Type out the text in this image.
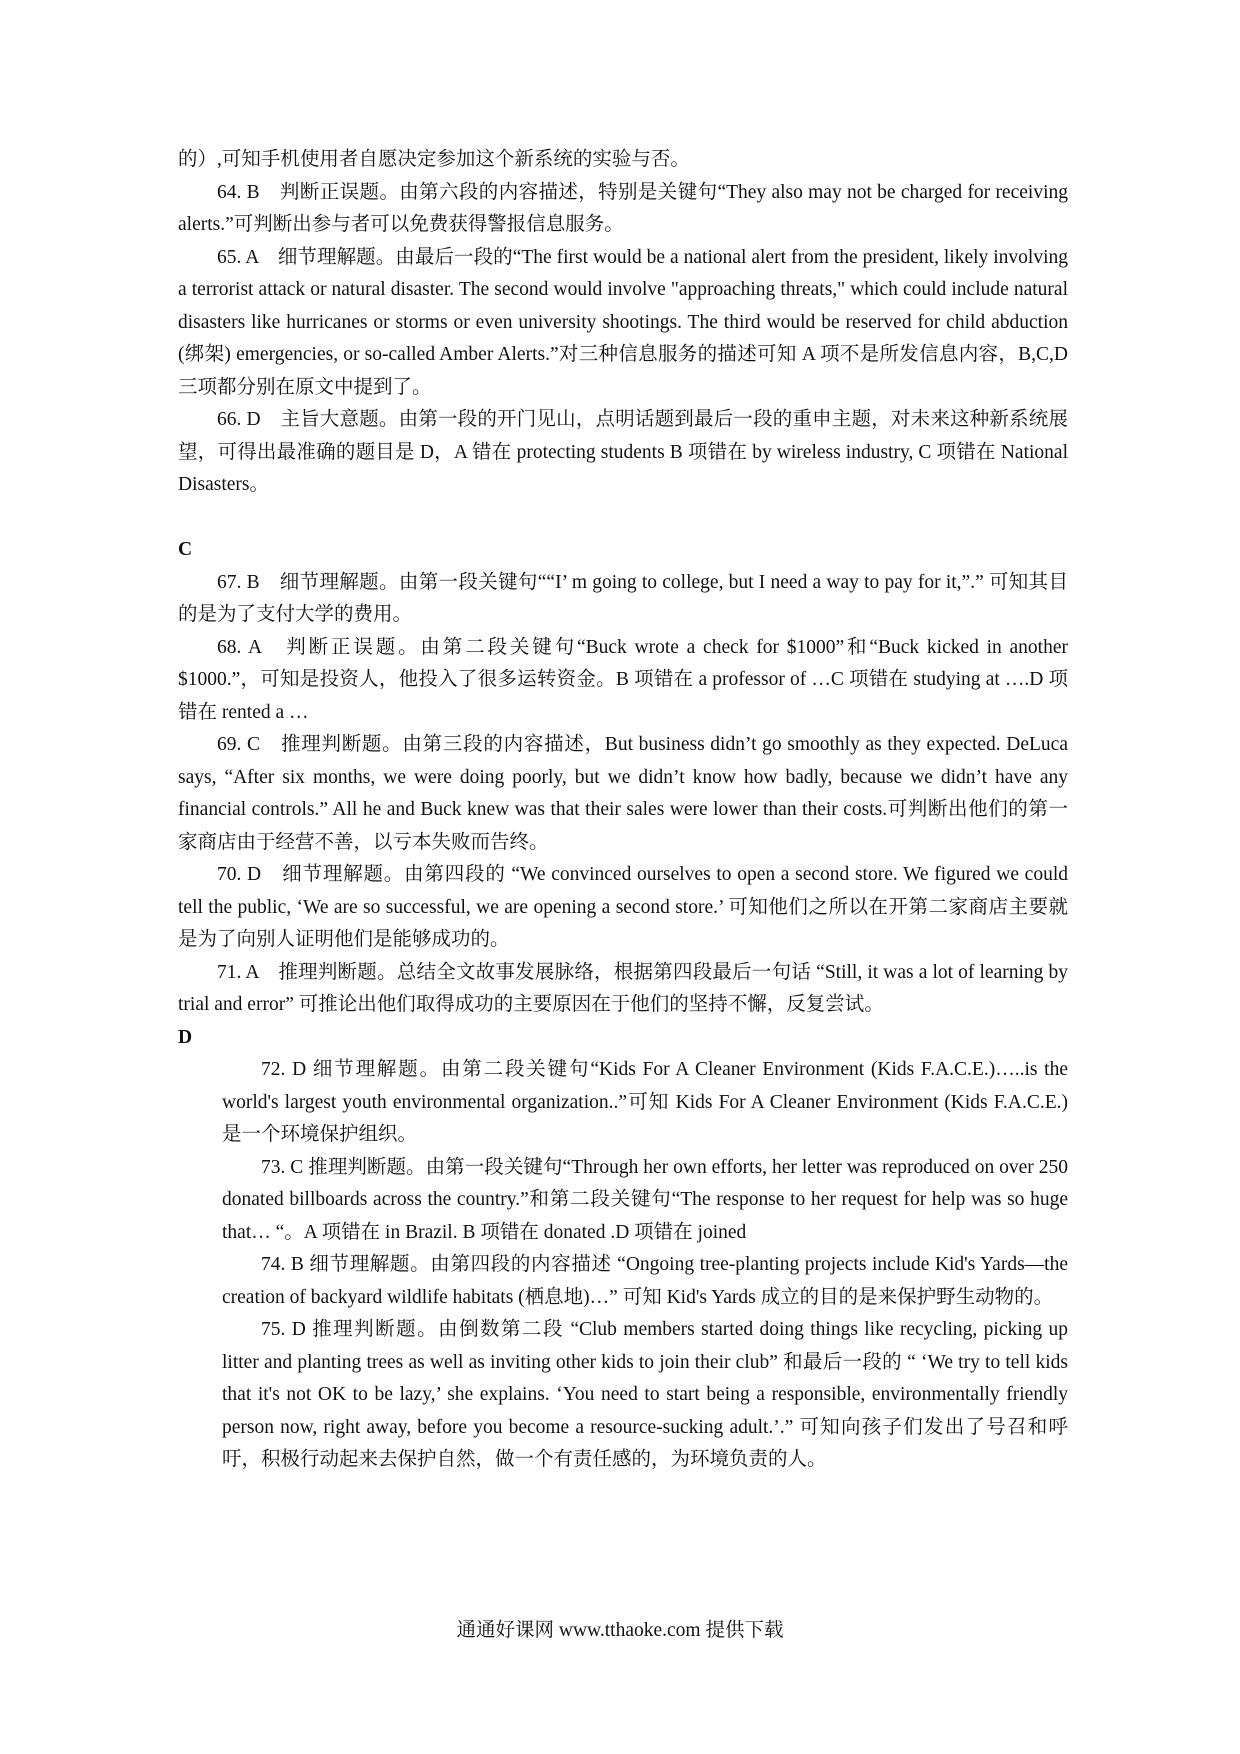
的）,可知手机使用者自愿决定参加这个新系统的实验与否。

64. B　判断正误题。由第六段的内容描述，特别是关键句“They also may not be charged for receiving alerts.”可判断出参与者可以免费获得警报信息服务。

65. A　细节理解题。由最后一段的“The first would be a national alert from the president, likely involving a terrorist attack or natural disaster. The second would involve "approaching threats," which could include natural disasters like hurricanes or storms or even university shootings. The third would be reserved for child abduction (绑架) emergencies, or so-called Amber Alerts.”对三种信息服务的描述可知 A 项不是所发信息内容，B,C,D 三项都分别在原文中提到了。

66. D　主旨大意题。由第一段的开门见山，点明话题到最后一段的重申主题，对未来这种新系统展望，可得出最准确的题目是 D，A 错在 protecting students B 项错在 by wireless industry, C 项错在 National Disasters。

C

67. B　细节理解题。由第一段关键句““I’ m going to college, but I need a way to pay for it,”.” 可知其目的是为了支付大学的费用。

68. A　判断正误题。由第二段关键句“Buck wrote a check for $1000”和“Buck kicked in another $1000.”，可知是投资人，他投入了很多运转资金。B 项错在 a professor of …C 项错在 studying at ….D 项错在 rented a …

69. C　推理判断题。由第三段的内容描述，But business didn’t go smoothly as they expected. DeLuca says, “After six months, we were doing poorly, but we didn’t know how badly, because we didn’t have any financial controls.” All he and Buck knew was that their sales were lower than their costs.可判断出他们的第一家商店由于经营不善，以亏本失败而告终。

70. D　细节理解题。由第四段的 “We convinced ourselves to open a second store. We figured we could tell the public, ‘We are so successful, we are opening a second store.’ 可知他们之所以在开第二家商店主要就是为了向别人证明他们是能够成功的。

71. A　推理判断题。总结全文故事发展脉络，根据第四段最后一句话 “Still, it was a lot of learning by trial and error” 可推论出他们取得成功的主要原因在于他们的坚持不懈，反复尝试。

D

72. D 细节理解题。由第二段关键句“Kids For A Cleaner Environment (Kids F.A.C.E.)…..is the world's largest youth environmental organization..”可知 Kids For A Cleaner Environment (Kids F.A.C.E.)是一个环境保护组织。

73. C 推理判断题。由第一段关键句“Through her own efforts, her letter was reproduced on over 250 donated billboards across the country.”和第二段关键句“The response to her request for help was so huge that… “。A 项错在 in Brazil. B 项错在 donated .D 项错在 joined

74. B 细节理解题。由第四段的内容描述 “Ongoing tree-planting projects include Kid's Yards—the creation of backyard wildlife habitats (栖息地)…” 可知 Kid's Yards 成立的目的是来保护野生动物的。

75. D 推理判断题。由倒数第二段 “Club members started doing things like recycling, picking up litter and planting trees as well as inviting other kids to join their club” 和最后一段的 “ ‘We try to tell kids that it's not OK to be lazy,’ she explains. ‘You need to start being a responsible, environmentally friendly person now, right away, before you become a resource-sucking adult.’.” 可知向孩子们发出了号召和呼吁，积极行动起来去保护自然，做一个有责任感的，为环境负责的人。

通通好课网 www.tthaoke.com 提供下载
